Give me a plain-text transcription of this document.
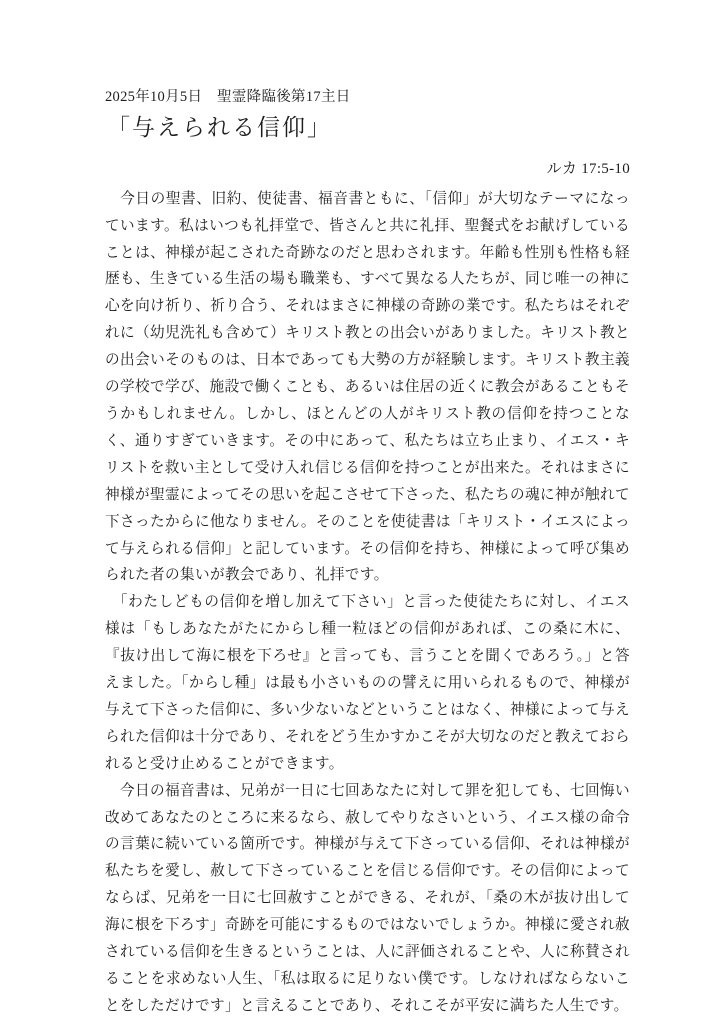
2025年10月5日　聖霊降臨後第17主日
「与えられる信仰」
ルカ 17:5-10

　今日の聖書、旧約、使徒書、福音書ともに、「信仰」が大切なテーマになっています。私はいつも礼拝堂で、皆さんと共に礼拝、聖餐式をお献げしていることは、神様が起こされた奇跡なのだと思わされます。年齢も性別も性格も経歴も、生きている生活の場も職業も、すべて異なる人たちが、同じ唯一の神に心を向け祈り、祈り合う、それはまさに神様の奇跡の業です。私たちはそれぞれに（幼児洗礼も含めて）キリスト教との出会いがありました。キリスト教との出会いそのものは、日本であっても大勢の方が経験します。キリスト教主義の学校で学び、施設で働くことも、あるいは住居の近くに教会があることもそうかもしれません。しかし、ほとんどの人がキリスト教の信仰を持つことなく、通りすぎていきます。その中にあって、私たちは立ち止まり、イエス・キリストを救い主として受け入れ信じる信仰を持つことが出来た。それはまさに神様が聖霊によってその思いを起こさせて下さった、私たちの魂に神が触れて下さったからに他なりません。そのことを使徒書は「キリスト・イエスによって与えられる信仰」と記しています。その信仰を持ち、神様によって呼び集められた者の集いが教会であり、礼拝です。

　「わたしどもの信仰を増し加えて下さい」と言った使徒たちに対し、イエス様は「もしあなたがたにからし種一粒ほどの信仰があれば、この桑に木に、『抜け出して海に根を下ろせ』と言っても、言うことを聞くであろう。」と答えました。「からし種」は最も小さいものの譬えに用いられるもので、神様が与えて下さった信仰に、多い少ないなどということはなく、神様によって与えられた信仰は十分であり、それをどう生かすかこそが大切なのだと教えておられると受け止めることができます。

　今日の福音書は、兄弟が一日に七回あなたに対して罪を犯しても、七回悔い改めてあなたのところに来るなら、赦してやりなさいという、イエス様の命令の言葉に続いている箇所です。神様が与えて下さっている信仰、それは神様が私たちを愛し、赦して下さっていることを信じる信仰です。その信仰によってならば、兄弟を一日に七回赦すことができる、それが、「桑の木が抜け出して海に根を下ろす」奇跡を可能にするものではないでしょうか。神様に愛され赦されている信仰を生きるということは、人に評価されることや、人に称賛されることを求めない人生、「私は取るに足りない僕です。しなければならないことをしただけです」と言えることであり、それこそが平安に満ちた人生です。
